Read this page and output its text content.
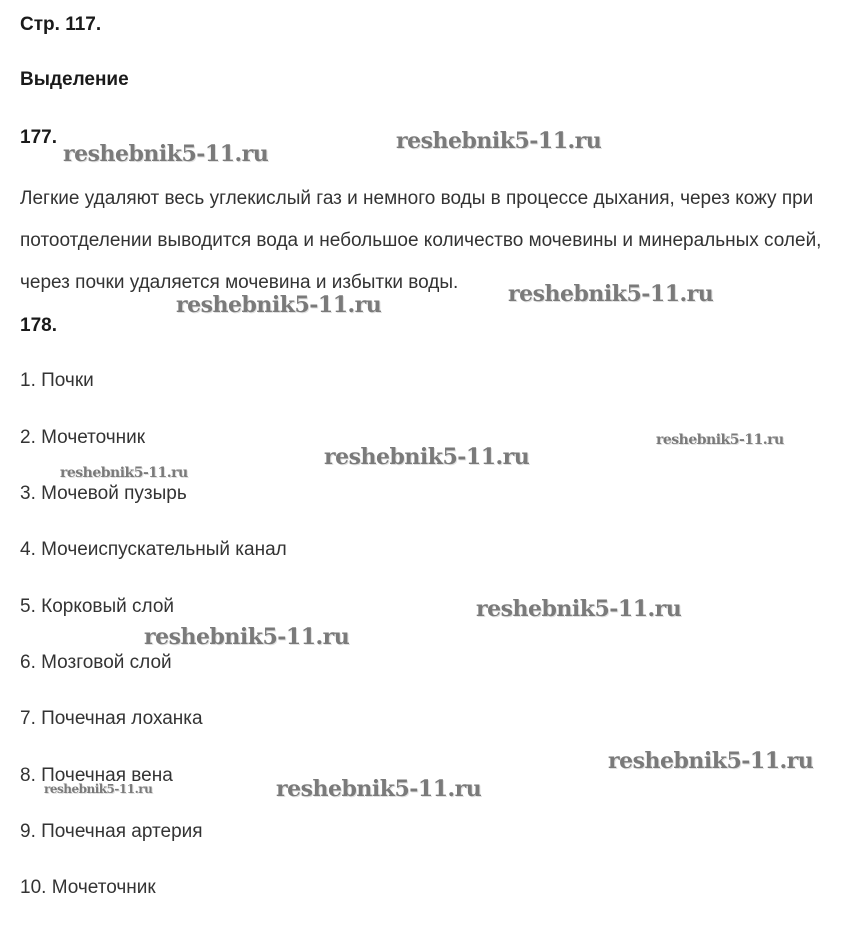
Стр. 117.
Выделение
177.

Легкие удаляют весь углекислый газ и немного воды в процессе дыхания, через кожу при потоотделении выводится вода и небольшое количество мочевины и минеральных солей, через почки удаляется мочевина и избытки воды.

178.
1. Почки
2. Мочеточник
3. Мочевой пузырь
4. Мочеиспускательный канал
5. Корковый слой
6. Мозговой слой
7. Почечная лоханка
8. Почечная вена
9. Почечная артерия
10. Мочеточник
reshebnik5-11.ru	reshebnik5-11.ru
reshebnik5-11.ru	reshebnik5-11.ru
reshebnik5-11.ru
reshebnik5-11.ru
reshebnik5-11.ru
reshebnik5-11.ru
reshebnik5-11.ru
reshebnik5-11.ru
reshebnik5-11.ru
reshebnik5-11.ru
